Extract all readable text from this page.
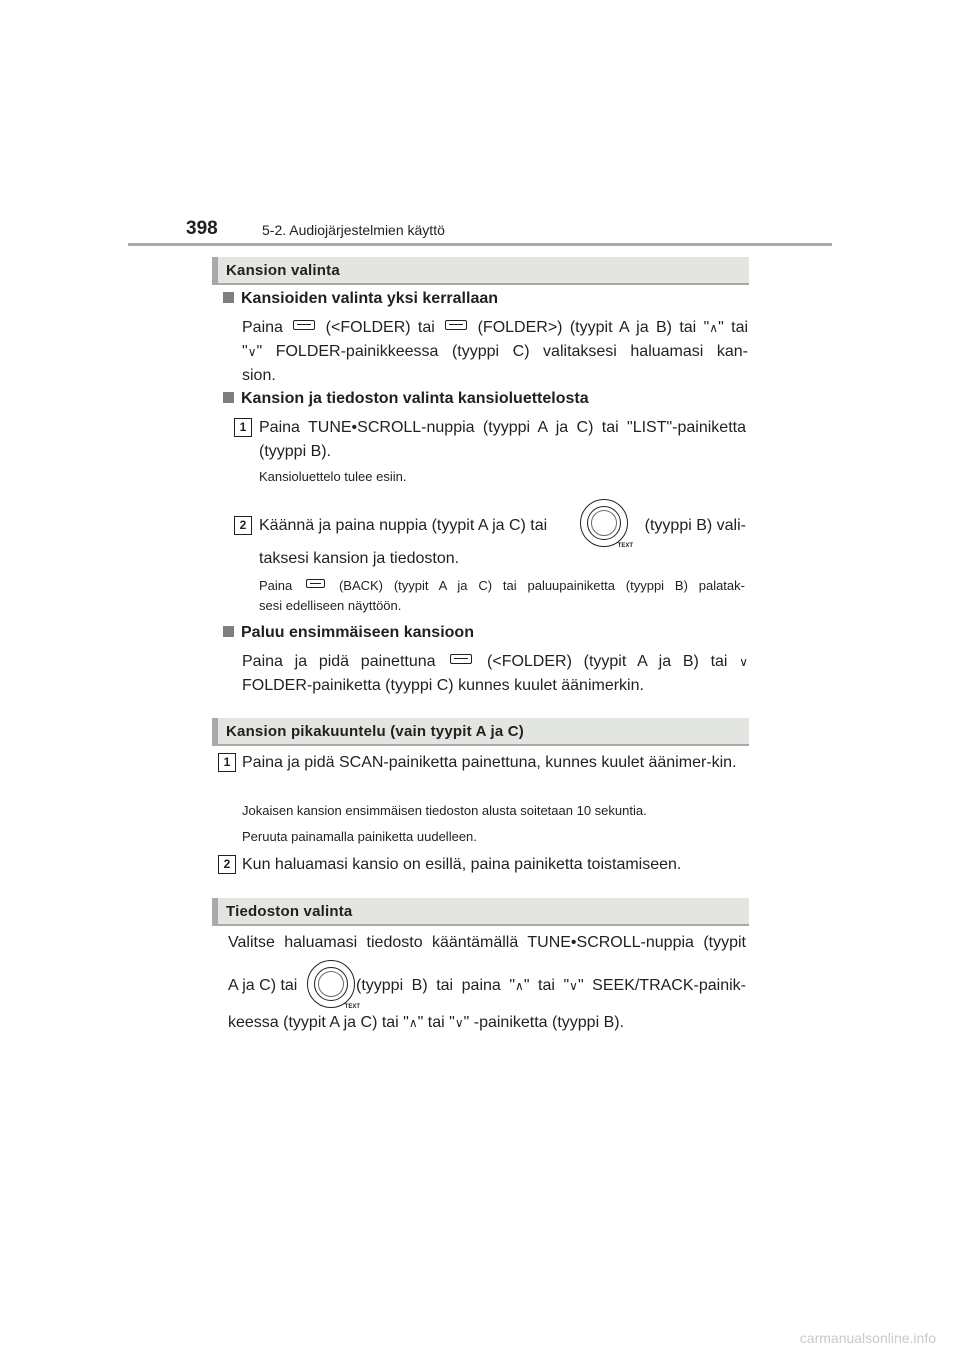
398	5-2. Audiojärjestelmien käyttö
Kansion valinta
Kansioiden valinta yksi kerrallaan
Paina	(<FOLDER) tai	(FOLDER>) (tyypit A ja B) tai "∧" tai
"∨" FOLDER-painikkeessa (tyyppi C) valitaksesi haluamasi kan-
sion.
Kansion ja tiedoston valinta kansioluettelosta
1 Paina TUNE•SCROLL-nuppia (tyyppi A ja C) tai "LIST"-painiketta (tyyppi B).
Kansioluettelo tulee esiin.
2 Käännä ja paina nuppia (tyypit A ja C) tai
TEXT
(tyyppi B) vali-
taksesi kansion ja tiedoston.
Paina	(BACK) (tyypit A ja C) tai paluupainiketta (tyyppi B) palatak-
sesi edelliseen näyttöön.
Paluu ensimmäiseen kansioon
Paina ja pidä painettuna	(<FOLDER) (tyypit A ja B) tai ∨
FOLDER-painiketta (tyyppi C) kunnes kuulet äänimerkin.
Kansion pikakuuntelu (vain tyypit A ja C)
1 Paina ja pidä SCAN-painiketta painettuna, kunnes kuulet äänimer-kin.
Jokaisen kansion ensimmäisen tiedoston alusta soitetaan 10 sekuntia.
Peruuta painamalla painiketta uudelleen.
2 Kun haluamasi kansio on esillä, paina painiketta toistamiseen.
Tiedoston valinta
Valitse haluamasi tiedosto kääntämällä TUNE•SCROLL-nuppia (tyypit
A ja C) tai
TEXT
(tyyppi B) tai paina "∧" tai "∨" SEEK/TRACK-painik-
keessa (tyypit A ja C) tai "∧" tai "∨" -painiketta (tyyppi B).
carmanualsonline.info
